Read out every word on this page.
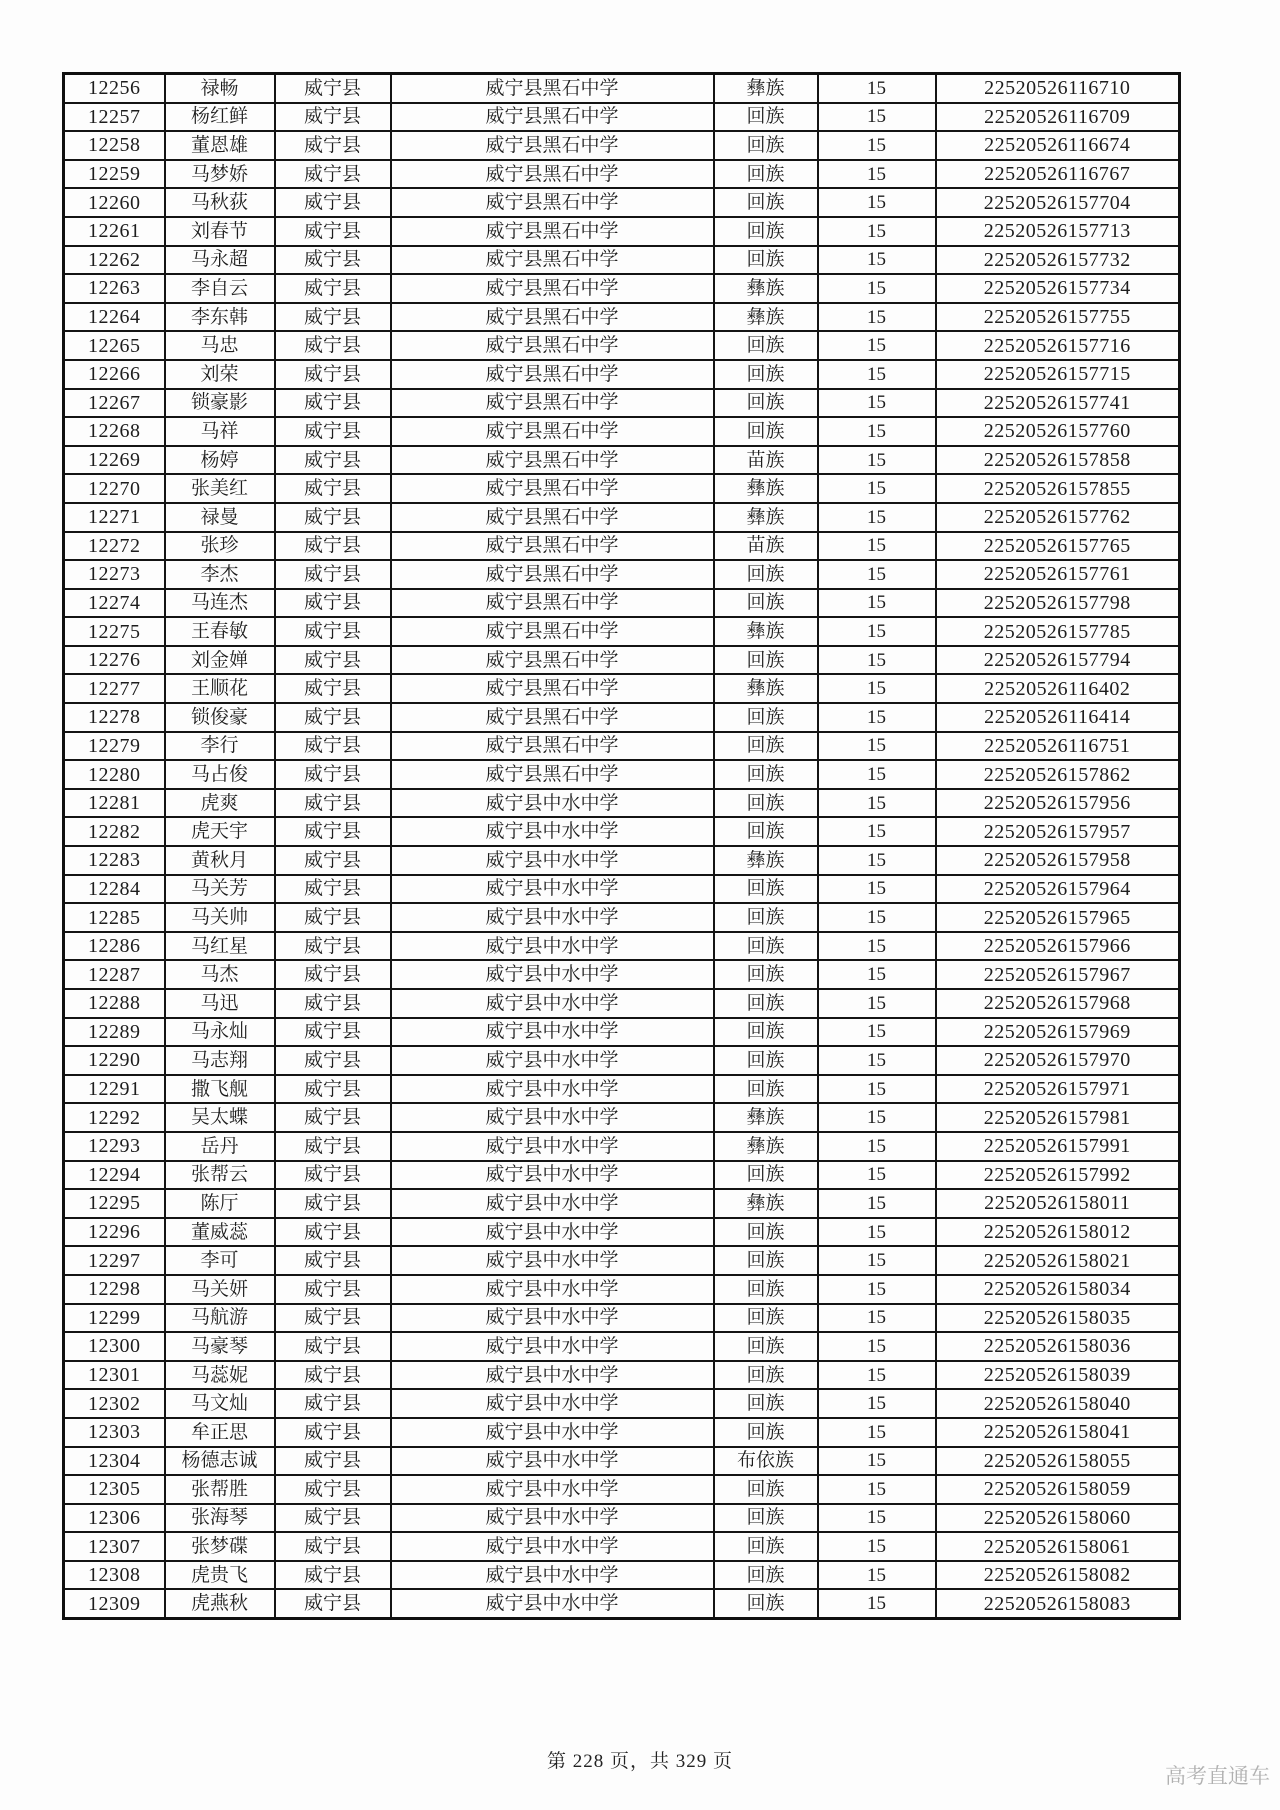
12256	禄畅	威宁县	威宁县黑石中学	彝族	15	22520526116710
12257	杨红鲜	威宁县	威宁县黑石中学	回族	15	22520526116709
12258	董恩雄	威宁县	威宁县黑石中学	回族	15	22520526116674
12259	马梦娇	威宁县	威宁县黑石中学	回族	15	22520526116767
12260	马秋荻	威宁县	威宁县黑石中学	回族	15	22520526157704
12261	刘春节	威宁县	威宁县黑石中学	回族	15	22520526157713
12262	马永超	威宁县	威宁县黑石中学	回族	15	22520526157732
12263	李自云	威宁县	威宁县黑石中学	彝族	15	22520526157734
12264	李东韩	威宁县	威宁县黑石中学	彝族	15	22520526157755
12265	马忠	威宁县	威宁县黑石中学	回族	15	22520526157716
12266	刘荣	威宁县	威宁县黑石中学	回族	15	22520526157715
12267	锁豪影	威宁县	威宁县黑石中学	回族	15	22520526157741
12268	马祥	威宁县	威宁县黑石中学	回族	15	22520526157760
12269	杨婷	威宁县	威宁县黑石中学	苗族	15	22520526157858
12270	张美红	威宁县	威宁县黑石中学	彝族	15	22520526157855
12271	禄曼	威宁县	威宁县黑石中学	彝族	15	22520526157762
12272	张珍	威宁县	威宁县黑石中学	苗族	15	22520526157765
12273	李杰	威宁县	威宁县黑石中学	回族	15	22520526157761
12274	马连杰	威宁县	威宁县黑石中学	回族	15	22520526157798
12275	王春敏	威宁县	威宁县黑石中学	彝族	15	22520526157785
12276	刘金婵	威宁县	威宁县黑石中学	回族	15	22520526157794
12277	王顺花	威宁县	威宁县黑石中学	彝族	15	22520526116402
12278	锁俊豪	威宁县	威宁县黑石中学	回族	15	22520526116414
12279	李行	威宁县	威宁县黑石中学	回族	15	22520526116751
12280	马占俊	威宁县	威宁县黑石中学	回族	15	22520526157862
12281	虎爽	威宁县	威宁县中水中学	回族	15	22520526157956
12282	虎天宇	威宁县	威宁县中水中学	回族	15	22520526157957
12283	黄秋月	威宁县	威宁县中水中学	彝族	15	22520526157958
12284	马关芳	威宁县	威宁县中水中学	回族	15	22520526157964
12285	马关帅	威宁县	威宁县中水中学	回族	15	22520526157965
12286	马红星	威宁县	威宁县中水中学	回族	15	22520526157966
12287	马杰	威宁县	威宁县中水中学	回族	15	22520526157967
12288	马迅	威宁县	威宁县中水中学	回族	15	22520526157968
12289	马永灿	威宁县	威宁县中水中学	回族	15	22520526157969
12290	马志翔	威宁县	威宁县中水中学	回族	15	22520526157970
12291	撒飞舰	威宁县	威宁县中水中学	回族	15	22520526157971
12292	吴太蝶	威宁县	威宁县中水中学	彝族	15	22520526157981
12293	岳丹	威宁县	威宁县中水中学	彝族	15	22520526157991
12294	张帮云	威宁县	威宁县中水中学	回族	15	22520526157992
12295	陈厅	威宁县	威宁县中水中学	彝族	15	22520526158011
12296	董威蕊	威宁县	威宁县中水中学	回族	15	22520526158012
12297	李可	威宁县	威宁县中水中学	回族	15	22520526158021
12298	马关妍	威宁县	威宁县中水中学	回族	15	22520526158034
12299	马航游	威宁县	威宁县中水中学	回族	15	22520526158035
12300	马豪琴	威宁县	威宁县中水中学	回族	15	22520526158036
12301	马蕊妮	威宁县	威宁县中水中学	回族	15	22520526158039
12302	马文灿	威宁县	威宁县中水中学	回族	15	22520526158040
12303	牟正思	威宁县	威宁县中水中学	回族	15	22520526158041
12304	杨德志诚	威宁县	威宁县中水中学	布依族	15	22520526158055
12305	张帮胜	威宁县	威宁县中水中学	回族	15	22520526158059
12306	张海琴	威宁县	威宁县中水中学	回族	15	22520526158060
12307	张梦碟	威宁县	威宁县中水中学	回族	15	22520526158061
12308	虎贵飞	威宁县	威宁县中水中学	回族	15	22520526158082
12309	虎燕秋	威宁县	威宁县中水中学	回族	15	22520526158083
第 228 页，共 329 页
高考直通车
